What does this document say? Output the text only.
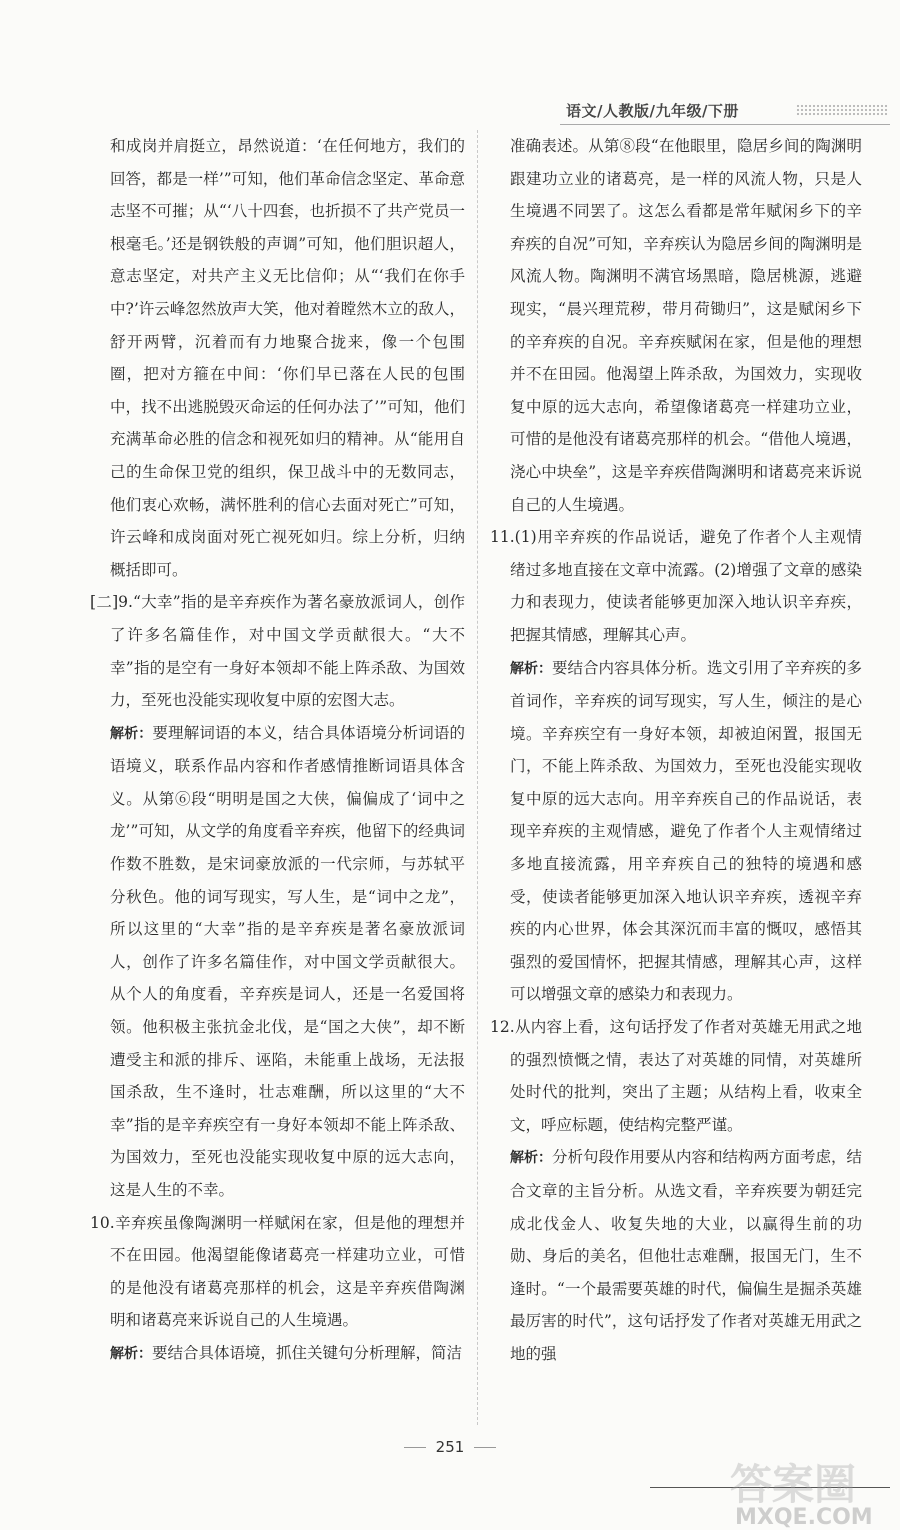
语文/人教版/九年级/下册

和成岗并肩挺立，昂然说道：‘在任何地方，我们的回答，都是一样’”可知，他们革命信念坚定、革命意志坚不可摧；从“‘八十四套，也折损不了共产党员一根毫毛。’还是钢铁般的声调”可知，他们胆识超人，意志坚定，对共产主义无比信仰；从“‘我们在你手中?’许云峰忽然放声大笑，他对着瞠然木立的敌人，舒开两臂，沉着而有力地聚合拢来，像一个包围圈，把对方箍在中间：‘你们早已落在人民的包围中，找不出逃脱毁灭命运的任何办法了’”可知，他们充满革命必胜的信念和视死如归的精神。从“能用自己的生命保卫党的组织，保卫战斗中的无数同志，他们衷心欢畅，满怀胜利的信心去面对死亡”可知，许云峰和成岗面对死亡视死如归。综上分析，归纳概括即可。

[二]9.“大幸”指的是辛弃疾作为著名豪放派词人，创作了许多名篇佳作，对中国文学贡献很大。“大不幸”指的是空有一身好本领却不能上阵杀敌、为国效力，至死也没能实现收复中原的宏图大志。

解析：要理解词语的本义，结合具体语境分析词语的语境义，联系作品内容和作者感情推断词语具体含义。从第⑥段“明明是国之大侠，偏偏成了‘词中之龙’”可知，从文学的角度看辛弃疾，他留下的经典词作数不胜数，是宋词豪放派的一代宗师，与苏轼平分秋色。他的词写现实，写人生，是“词中之龙”，所以这里的“大幸”指的是辛弃疾是著名豪放派词人，创作了许多名篇佳作，对中国文学贡献很大。从个人的角度看，辛弃疾是词人，还是一名爱国将领。他积极主张抗金北伐，是“国之大侠”，却不断遭受主和派的排斥、诬陷，未能重上战场，无法报国杀敌，生不逢时，壮志难酬，所以这里的“大不幸”指的是辛弃疾空有一身好本领却不能上阵杀敌、为国效力，至死也没能实现收复中原的远大志向，这是人生的不幸。

10.辛弃疾虽像陶渊明一样赋闲在家，但是他的理想并不在田园。他渴望能像诸葛亮一样建功立业，可惜的是他没有诸葛亮那样的机会，这是辛弃疾借陶渊明和诸葛亮来诉说自己的人生境遇。

解析：要结合具体语境，抓住关键句分析理解，简洁

准确表述。从第⑧段“在他眼里，隐居乡间的陶渊明跟建功立业的诸葛亮，是一样的风流人物，只是人生境遇不同罢了。这怎么看都是常年赋闲乡下的辛弃疾的自况”可知，辛弃疾认为隐居乡间的陶渊明是风流人物。陶渊明不满官场黑暗，隐居桃源，逃避现实，“晨兴理荒秽，带月荷锄归”，这是赋闲乡下的辛弃疾的自况。辛弃疾赋闲在家，但是他的理想并不在田园。他渴望上阵杀敌，为国效力，实现收复中原的远大志向，希望像诸葛亮一样建功立业，可惜的是他没有诸葛亮那样的机会。“借他人境遇，浇心中块垒”，这是辛弃疾借陶渊明和诸葛亮来诉说自己的人生境遇。

11.(1)用辛弃疾的作品说话，避免了作者个人主观情绪过多地直接在文章中流露。(2)增强了文章的感染力和表现力，使读者能够更加深入地认识辛弃疾，把握其情感，理解其心声。

解析：要结合内容具体分析。选文引用了辛弃疾的多首词作，辛弃疾的词写现实，写人生，倾注的是心境。辛弃疾空有一身好本领，却被迫闲置，报国无门，不能上阵杀敌、为国效力，至死也没能实现收复中原的远大志向。用辛弃疾自己的作品说话，表现辛弃疾的主观情感，避免了作者个人主观情绪过多地直接流露，用辛弃疾自己的独特的境遇和感受，使读者能够更加深入地认识辛弃疾，透视辛弃疾的内心世界，体会其深沉而丰富的慨叹，感悟其强烈的爱国情怀，把握其情感，理解其心声，这样可以增强文章的感染力和表现力。

12.从内容上看，这句话抒发了作者对英雄无用武之地的强烈愤慨之情，表达了对英雄的同情，对英雄所处时代的批判，突出了主题；从结构上看，收束全文，呼应标题，使结构完整严谨。

解析：分析句段作用要从内容和结构两方面考虑，结合文章的主旨分析。从选文看，辛弃疾要为朝廷完成北伐金人、收复失地的大业，以赢得生前的功勋、身后的美名，但他壮志难酬，报国无门，生不逢时。“一个最需要英雄的时代，偏偏生是掘杀英雄最厉害的时代”，这句话抒发了作者对英雄无用武之地的强

251
答案圈
MXQE.COM
